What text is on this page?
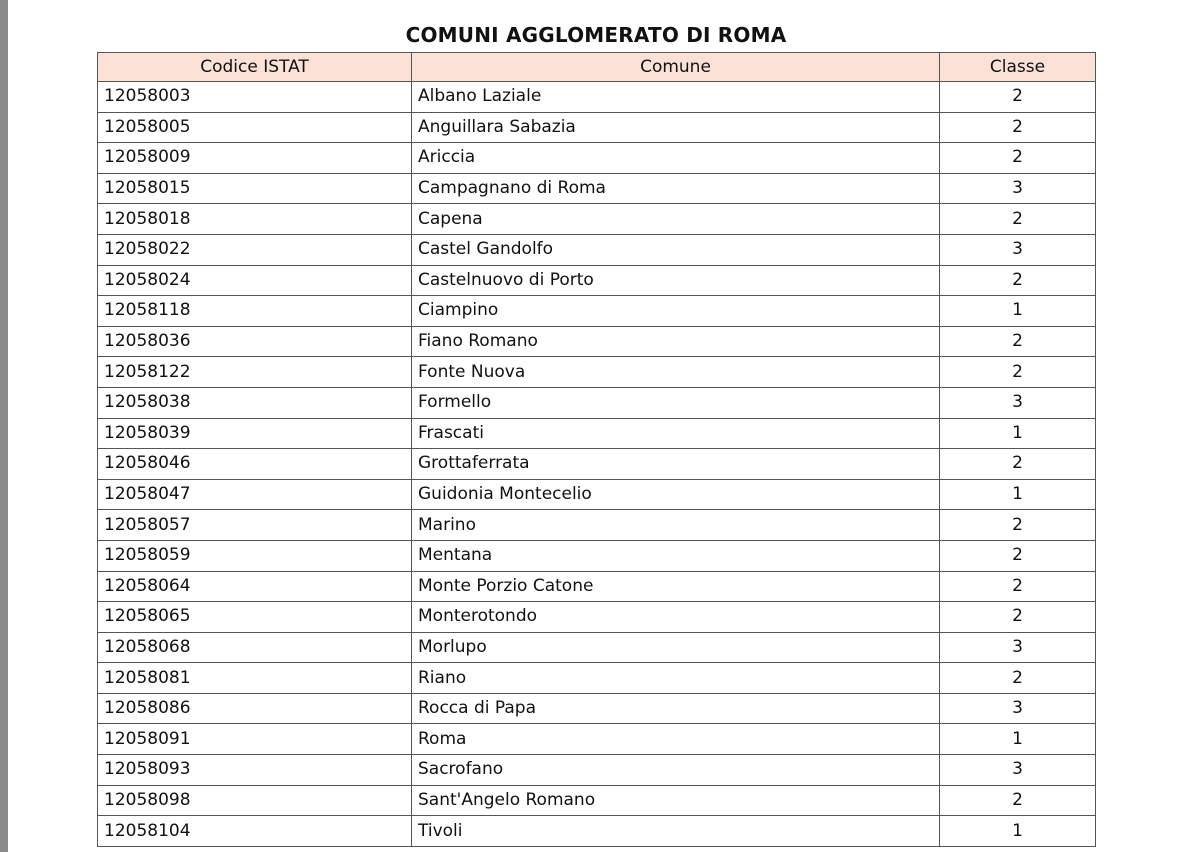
COMUNI AGGLOMERATO DI ROMA
Codice ISTAT	Comune	Classe
12058003	Albano Laziale	2
12058005	Anguillara Sabazia	2
12058009	Ariccia	2
12058015	Campagnano di Roma	3
12058018	Capena	2
12058022	Castel Gandolfo	3
12058024	Castelnuovo di Porto	2
12058118	Ciampino	1
12058036	Fiano Romano	2
12058122	Fonte Nuova	2
12058038	Formello	3
12058039	Frascati	1
12058046	Grottaferrata	2
12058047	Guidonia Montecelio	1
12058057	Marino	2
12058059	Mentana	2
12058064	Monte Porzio Catone	2
12058065	Monterotondo	2
12058068	Morlupo	3
12058081	Riano	2
12058086	Rocca di Papa	3
12058091	Roma	1
12058093	Sacrofano	3
12058098	Sant'Angelo Romano	2
12058104	Tivoli	1
